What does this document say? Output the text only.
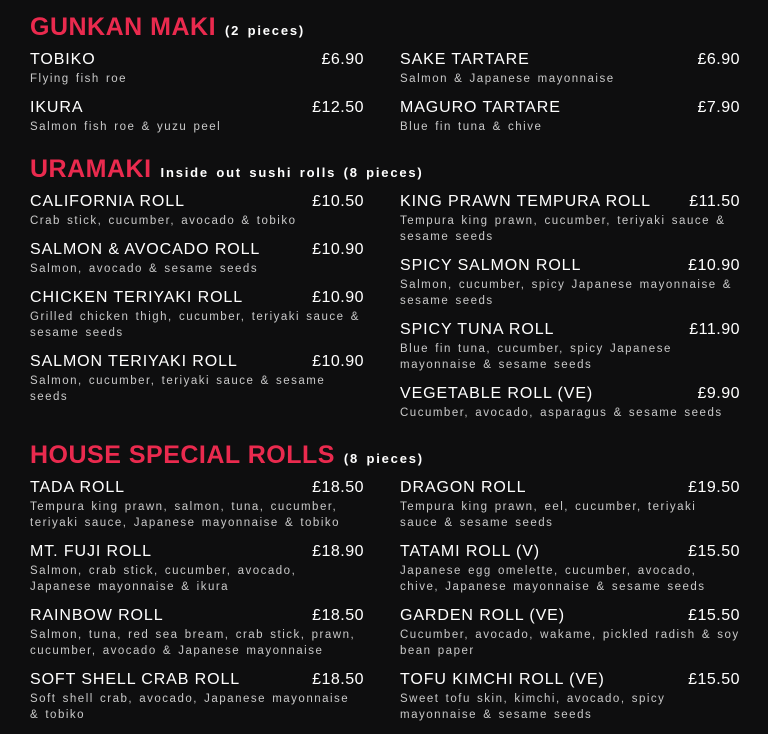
GUNKAN MAKI (2 pieces)
TOBIKO	£6.90
Flying fish roe
IKURA	£12.50
Salmon fish roe & yuzu peel
SAKE TARTARE	£6.90
Salmon & Japanese mayonnaise
MAGURO TARTARE	£7.90
Blue fin tuna & chive
URAMAKI Inside out sushi rolls (8 pieces)
CALIFORNIA ROLL	£10.50
Crab stick, cucumber, avocado & tobiko
SALMON & AVOCADO ROLL	£10.90
Salmon, avocado & sesame seeds
CHICKEN TERIYAKI ROLL	£10.90
Grilled chicken thigh, cucumber, teriyaki sauce & sesame seeds
SALMON TERIYAKI ROLL	£10.90
Salmon, cucumber, teriyaki sauce & sesame seeds
KING PRAWN TEMPURA ROLL £11.50
Tempura king prawn, cucumber, teriyaki sauce & sesame seeds
SPICY SALMON ROLL	£10.90
Salmon, cucumber, spicy Japanese mayonnaise & sesame seeds
SPICY TUNA ROLL	£11.90
Blue fin tuna, cucumber, spicy Japanese mayonnaise & sesame seeds
VEGETABLE ROLL (VE)	£9.90
Cucumber, avocado, asparagus & sesame seeds
HOUSE SPECIAL ROLLS (8 pieces)
TADA ROLL	£18.50
Tempura king prawn, salmon, tuna, cucumber, teriyaki sauce, Japanese mayonnaise & tobiko
MT. FUJI ROLL	£18.90
Salmon, crab stick, cucumber, avocado, Japanese mayonnaise & ikura
RAINBOW ROLL	£18.50
Salmon, tuna, red sea bream, crab stick, prawn, cucumber, avocado & Japanese mayonnaise
SOFT SHELL CRAB ROLL	£18.50
Soft shell crab, avocado, Japanese mayonnaise & tobiko
DRAGON ROLL	£19.50
Tempura king prawn, eel, cucumber, teriyaki sauce & sesame seeds
TATAMI ROLL (V)	£15.50
Japanese egg omelette, cucumber, avocado, chive, Japanese mayonnaise & sesame seeds
GARDEN ROLL (VE)	£15.50
Cucumber, avocado, wakame, pickled radish & soy bean paper
TOFU KIMCHI ROLL (VE)	£15.50
Sweet tofu skin, kimchi, avocado, spicy mayonnaise & sesame seeds
